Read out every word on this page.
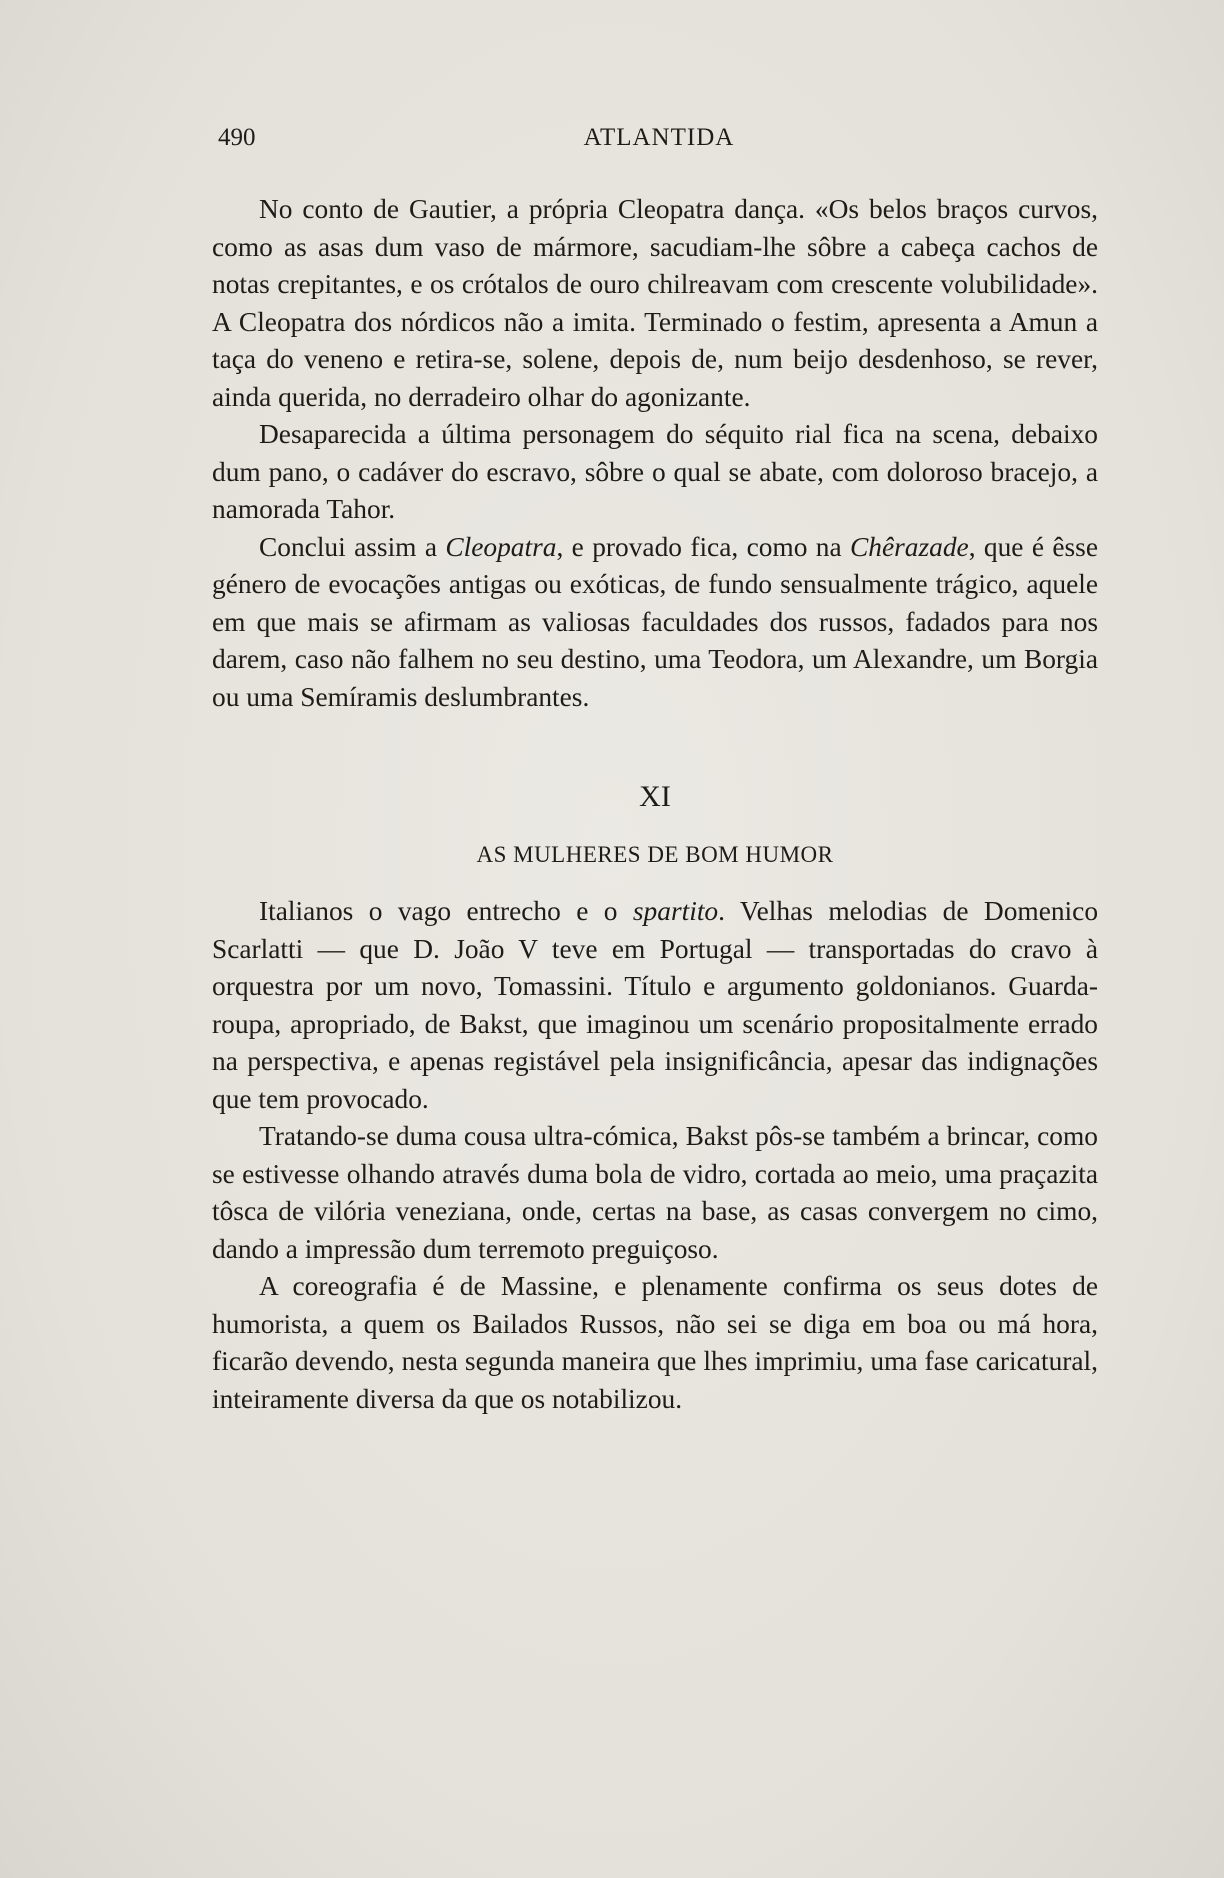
490	ATLANTIDA

No conto de Gautier, a própria Cleopatra dança. «Os belos braços curvos, como as asas dum vaso de mármore, sacudiam-lhe sôbre a cabeça cachos de notas crepitantes, e os crótalos de ouro chilreavam com crescente volubilidade». A Cleopatra dos nórdicos não a imita. Terminado o festim, apresenta a Amun a taça do veneno e retira-se, solene, depois de, num beijo desdenhoso, se rever, ainda querida, no derradeiro olhar do agonizante.

Desaparecida a última personagem do séquito rial fica na scena, debaixo dum pano, o cadáver do escravo, sôbre o qual se abate, com doloroso bracejo, a namorada Tahor.

Conclui assim a Cleopatra, e provado fica, como na Chêrazade, que é êsse género de evocações antigas ou exóticas, de fundo sensualmente trágico, aquele em que mais se afirmam as valiosas faculdades dos russos, fadados para nos darem, caso não falhem no seu destino, uma Teodora, um Alexandre, um Borgia ou uma Semíramis deslumbrantes.

XI
AS MULHERES DE BOM HUMOR

Italianos o vago entrecho e o spartito. Velhas melodias de Domenico Scarlatti — que D. João V teve em Portugal — transportadas do cravo à orquestra por um novo, Tomassini. Título e argumento goldonianos. Guarda-roupa, apropriado, de Bakst, que imaginou um scenário propositalmente errado na perspectiva, e apenas registável pela insignificância, apesar das indignações que tem provocado.

Tratando-se duma cousa ultra-cómica, Bakst pôs-se também a brincar, como se estivesse olhando através duma bola de vidro, cortada ao meio, uma praçazita tôsca de vilória veneziana, onde, certas na base, as casas convergem no cimo, dando a impressão dum terremoto preguiçoso.

A coreografia é de Massine, e plenamente confirma os seus dotes de humorista, a quem os Bailados Russos, não sei se diga em boa ou má hora, ficarão devendo, nesta segunda maneira que lhes imprimiu, uma fase caricatural, inteiramente diversa da que os notabilizou.
